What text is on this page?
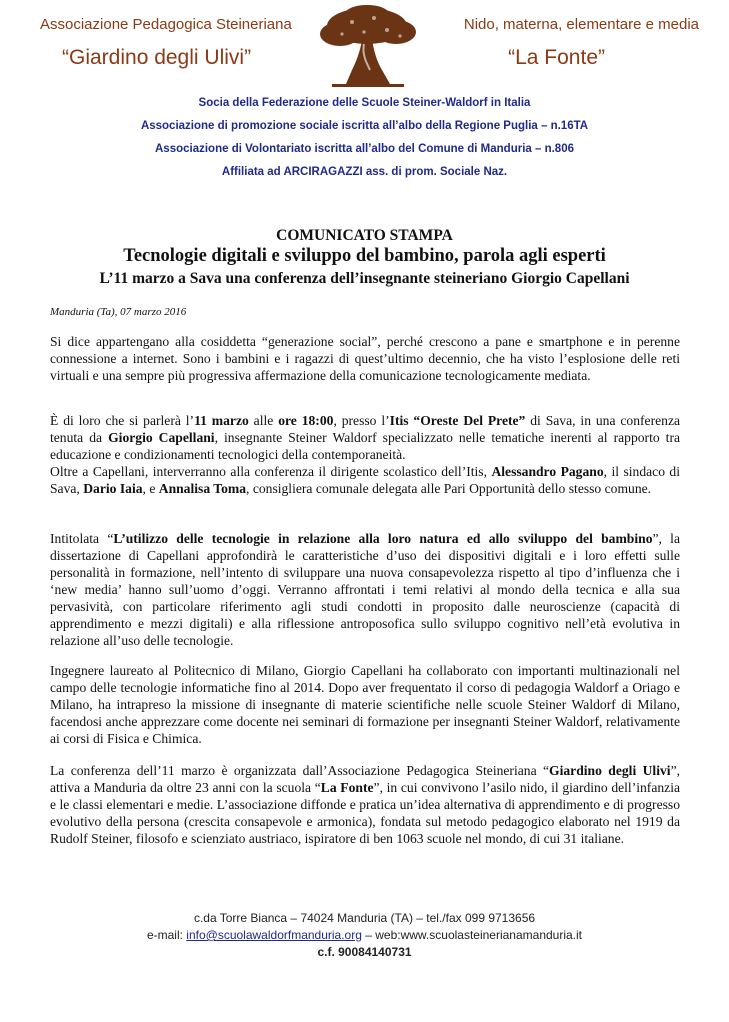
Associazione Pedagogica Steineriana	Nido, materna, elementare e media
“Giardino degli Ulivi”	“La Fonte”
Socia della Federazione delle Scuole Steiner-Waldorf in Italia
Associazione di promozione sociale iscritta all’albo della Regione Puglia – n.16TA
Associazione di Volontariato iscritta all’albo del Comune di Manduria – n.806
Affiliata ad ARCIRAGAZZI ass. di prom. Sociale Naz.
COMUNICATO STAMPA
Tecnologie digitali e sviluppo del bambino, parola agli esperti
L’11 marzo a Sava una conferenza dell’insegnante steineriano Giorgio Capellani
Manduria (Ta), 07 marzo 2016

Si dice appartengano alla cosiddetta “generazione social”, perché crescono a pane e smartphone e in perenne connessione a internet. Sono i bambini e i ragazzi di quest’ultimo decennio, che ha visto l’esplosione delle reti virtuali e una sempre più progressiva affermazione della comunicazione tecnologicamente mediata.

È di loro che si parlerà l’11 marzo alle ore 18:00, presso l’Itis “Oreste Del Prete” di Sava, in una conferenza tenuta da Giorgio Capellani, insegnante Steiner Waldorf specializzato nelle tematiche inerenti al rapporto tra educazione e condizionamenti tecnologici della contemporaneità.

Oltre a Capellani, interverranno alla conferenza il dirigente scolastico dell’Itis, Alessandro Pagano, il sindaco di Sava, Dario Iaia, e Annalisa Toma, consigliera comunale delegata alle Pari Opportunità dello stesso comune.

Intitolata “L’utilizzo delle tecnologie in relazione alla loro natura ed allo sviluppo del bambino”, la dissertazione di Capellani approfondirà le caratteristiche d’uso dei dispositivi digitali e i loro effetti sulle personalità in formazione, nell’intento di sviluppare una nuova consapevolezza rispetto al tipo d’influenza che i ‘new media’ hanno sull’uomo d’oggi. Verranno affrontati i temi relativi al mondo della tecnica e alla sua pervasività, con particolare riferimento agli studi condotti in proposito dalle neuroscienze (capacità di apprendimento e mezzi digitali) e alla riflessione antroposofica sullo sviluppo cognitivo nell’età evolutiva in relazione all’uso delle tecnologie.

Ingegnere laureato al Politecnico di Milano, Giorgio Capellani ha collaborato con importanti multinazionali nel campo delle tecnologie informatiche fino al 2014. Dopo aver frequentato il corso di pedagogia Waldorf a Oriago e Milano, ha intrapreso la missione di insegnante di materie scientifiche nelle scuole Steiner Waldorf di Milano, facendosi anche apprezzare come docente nei seminari di formazione per insegnanti Steiner Waldorf, relativamente ai corsi di Fisica e Chimica.

La conferenza dell’11 marzo è organizzata dall’Associazione Pedagogica Steineriana “Giardino degli Ulivi”, attiva a Manduria da oltre 23 anni con la scuola “La Fonte”, in cui convivono l’asilo nido, il giardino dell’infanzia e le classi elementari e medie. L’associazione diffonde e pratica un’idea alternativa di apprendimento e di progresso evolutivo della persona (crescita consapevole e armonica), fondata sul metodo pedagogico elaborato nel 1919 da Rudolf Steiner, filosofo e scienziato austriaco, ispiratore di ben 1063 scuole nel mondo, di cui 31 italiane.

c.da Torre Bianca – 74024 Manduria (TA) – tel./fax 099 9713656
e-mail: info@scuolawaldorfmanduria.org – web:www.scuolasteinerianamanduria.it
c.f. 90084140731
